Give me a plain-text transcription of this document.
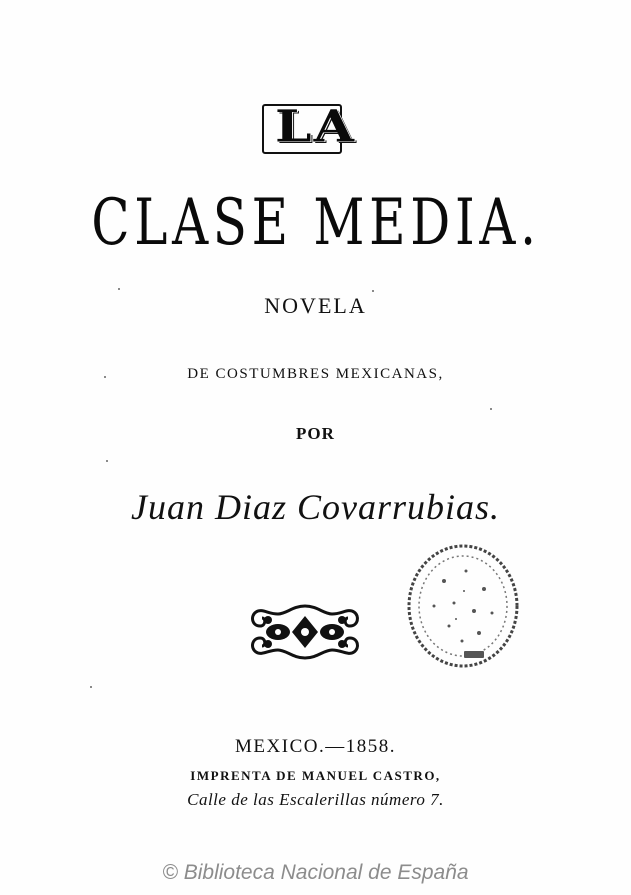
LA
CLASE MEDIA.
NOVELA
DE COSTUMBRES MEXICANAS,
POR
Juan Diaz Covarrubias.
MEXICO.—1858.
IMPRENTA DE MANUEL CASTRO,
Calle de las Escalerillas número 7.
© Biblioteca Nacional de España
